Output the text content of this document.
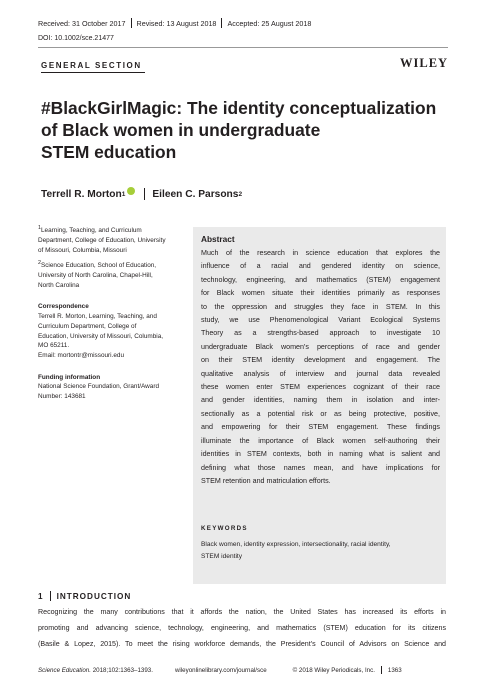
Received: 31 October 2017 Revised: 13 August 2018 Accepted: 25 August 2018
DOI: 10.1002/sce.21477
GENERAL SECTION	WILEY
#BlackGirlMagic: The identity conceptualization
of Black women in undergraduate
STEM education
Terrell R. Morton 1	Eileen C. Parsons 2

$^1$Learning, Teaching, and Curriculum

Department, College of Education, University

of Missouri, Columbia, Missouri

$^2$Science Education, School of Education,

University of North Carolina, Chapel-Hill,

North Carolina

Correspondence

Terrell R. Morton, Learning, Teaching, and

Curriculum Department, College of

Education, University of Missouri, Columbia,

MO 65211.

Email: mortontr@missouri.edu

Funding information

National Science Foundation, Grant/Award

Number: 143681

Abstract

Much of the research in science education that explores the

influence of a racial and gendered identity on science,

technology, engineering, and mathematics (STEM) engagement

for Black women situate their identities primarily as responses

to the oppression and struggles they face in STEM. In this

study, we use Phenomenological Variant Ecological Systems

Theory as a strengths-based approach to investigate 10

undergraduate Black women's perceptions of race and gender

on their STEM identity development and engagement. The

qualitative analysis of interview and journal data revealed

these women enter STEM experiences cognizant of their race

and gender identities, naming them in isolation and inter-

sectionally as a potential risk or as being protective, positive,

and empowering for their STEM engagement. These findings

illuminate the importance of Black women self-authoring their

identities in STEM contexts, both in naming what is salient and

defining what those names mean, and have implications for

STEM retention and matriculation efforts.

KEYWORDS

Black women, identity expression, intersectionality, racial identity,

STEM identity

1 INTRODUCTION

Recognizing the many contributions that it affords the nation, the United States has increased its efforts in

promoting and advancing science, technology, engineering, and mathematics (STEM) education for its citizens

(Basile & Lopez, 2015). To meet the rising workforce demands, the President's Council of Advisors on Science and

Science Education.
2018;102:1363–1393.	wileyonlinelibrary.com/journal/sce	© 2018 Wiley Periodicals, Inc. 1363
